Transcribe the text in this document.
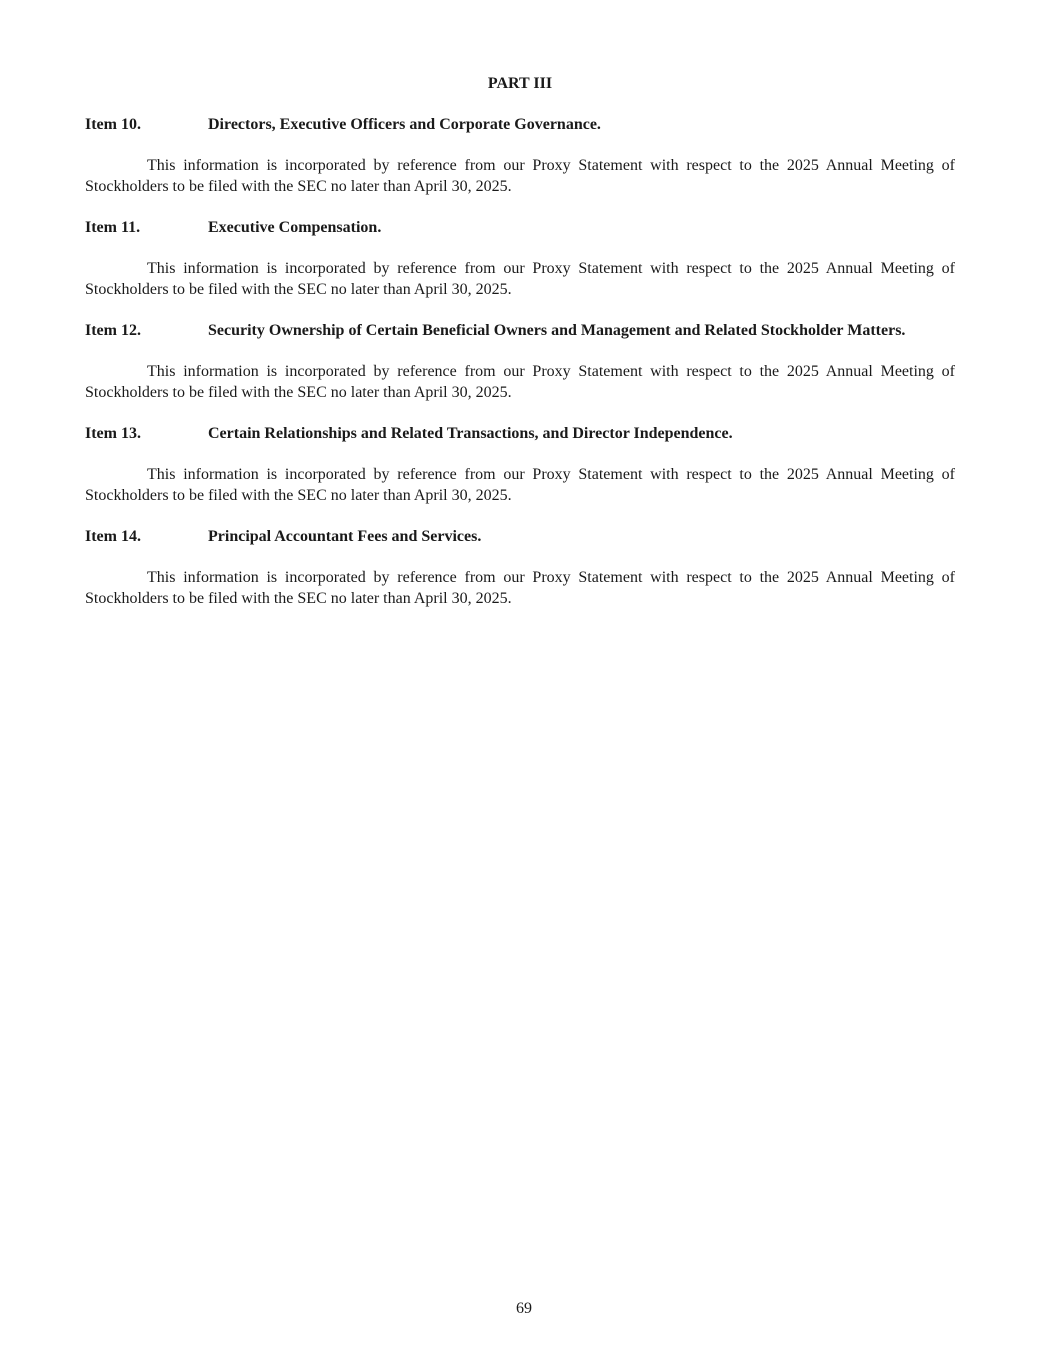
PART III
Item 10.	Directors, Executive Officers and Corporate Governance.

This information is incorporated by reference from our Proxy Statement with respect to the 2025 Annual Meeting of Stockholders to be filed with the SEC no later than April 30, 2025.

Item 11.	Executive Compensation.

This information is incorporated by reference from our Proxy Statement with respect to the 2025 Annual Meeting of Stockholders to be filed with the SEC no later than April 30, 2025.

Item 12.	Security Ownership of Certain Beneficial Owners and Management and Related Stockholder Matters.

This information is incorporated by reference from our Proxy Statement with respect to the 2025 Annual Meeting of Stockholders to be filed with the SEC no later than April 30, 2025.

Item 13.	Certain Relationships and Related Transactions, and Director Independence.

This information is incorporated by reference from our Proxy Statement with respect to the 2025 Annual Meeting of Stockholders to be filed with the SEC no later than April 30, 2025.

Item 14.	Principal Accountant Fees and Services.

This information is incorporated by reference from our Proxy Statement with respect to the 2025 Annual Meeting of Stockholders to be filed with the SEC no later than April 30, 2025.

69
